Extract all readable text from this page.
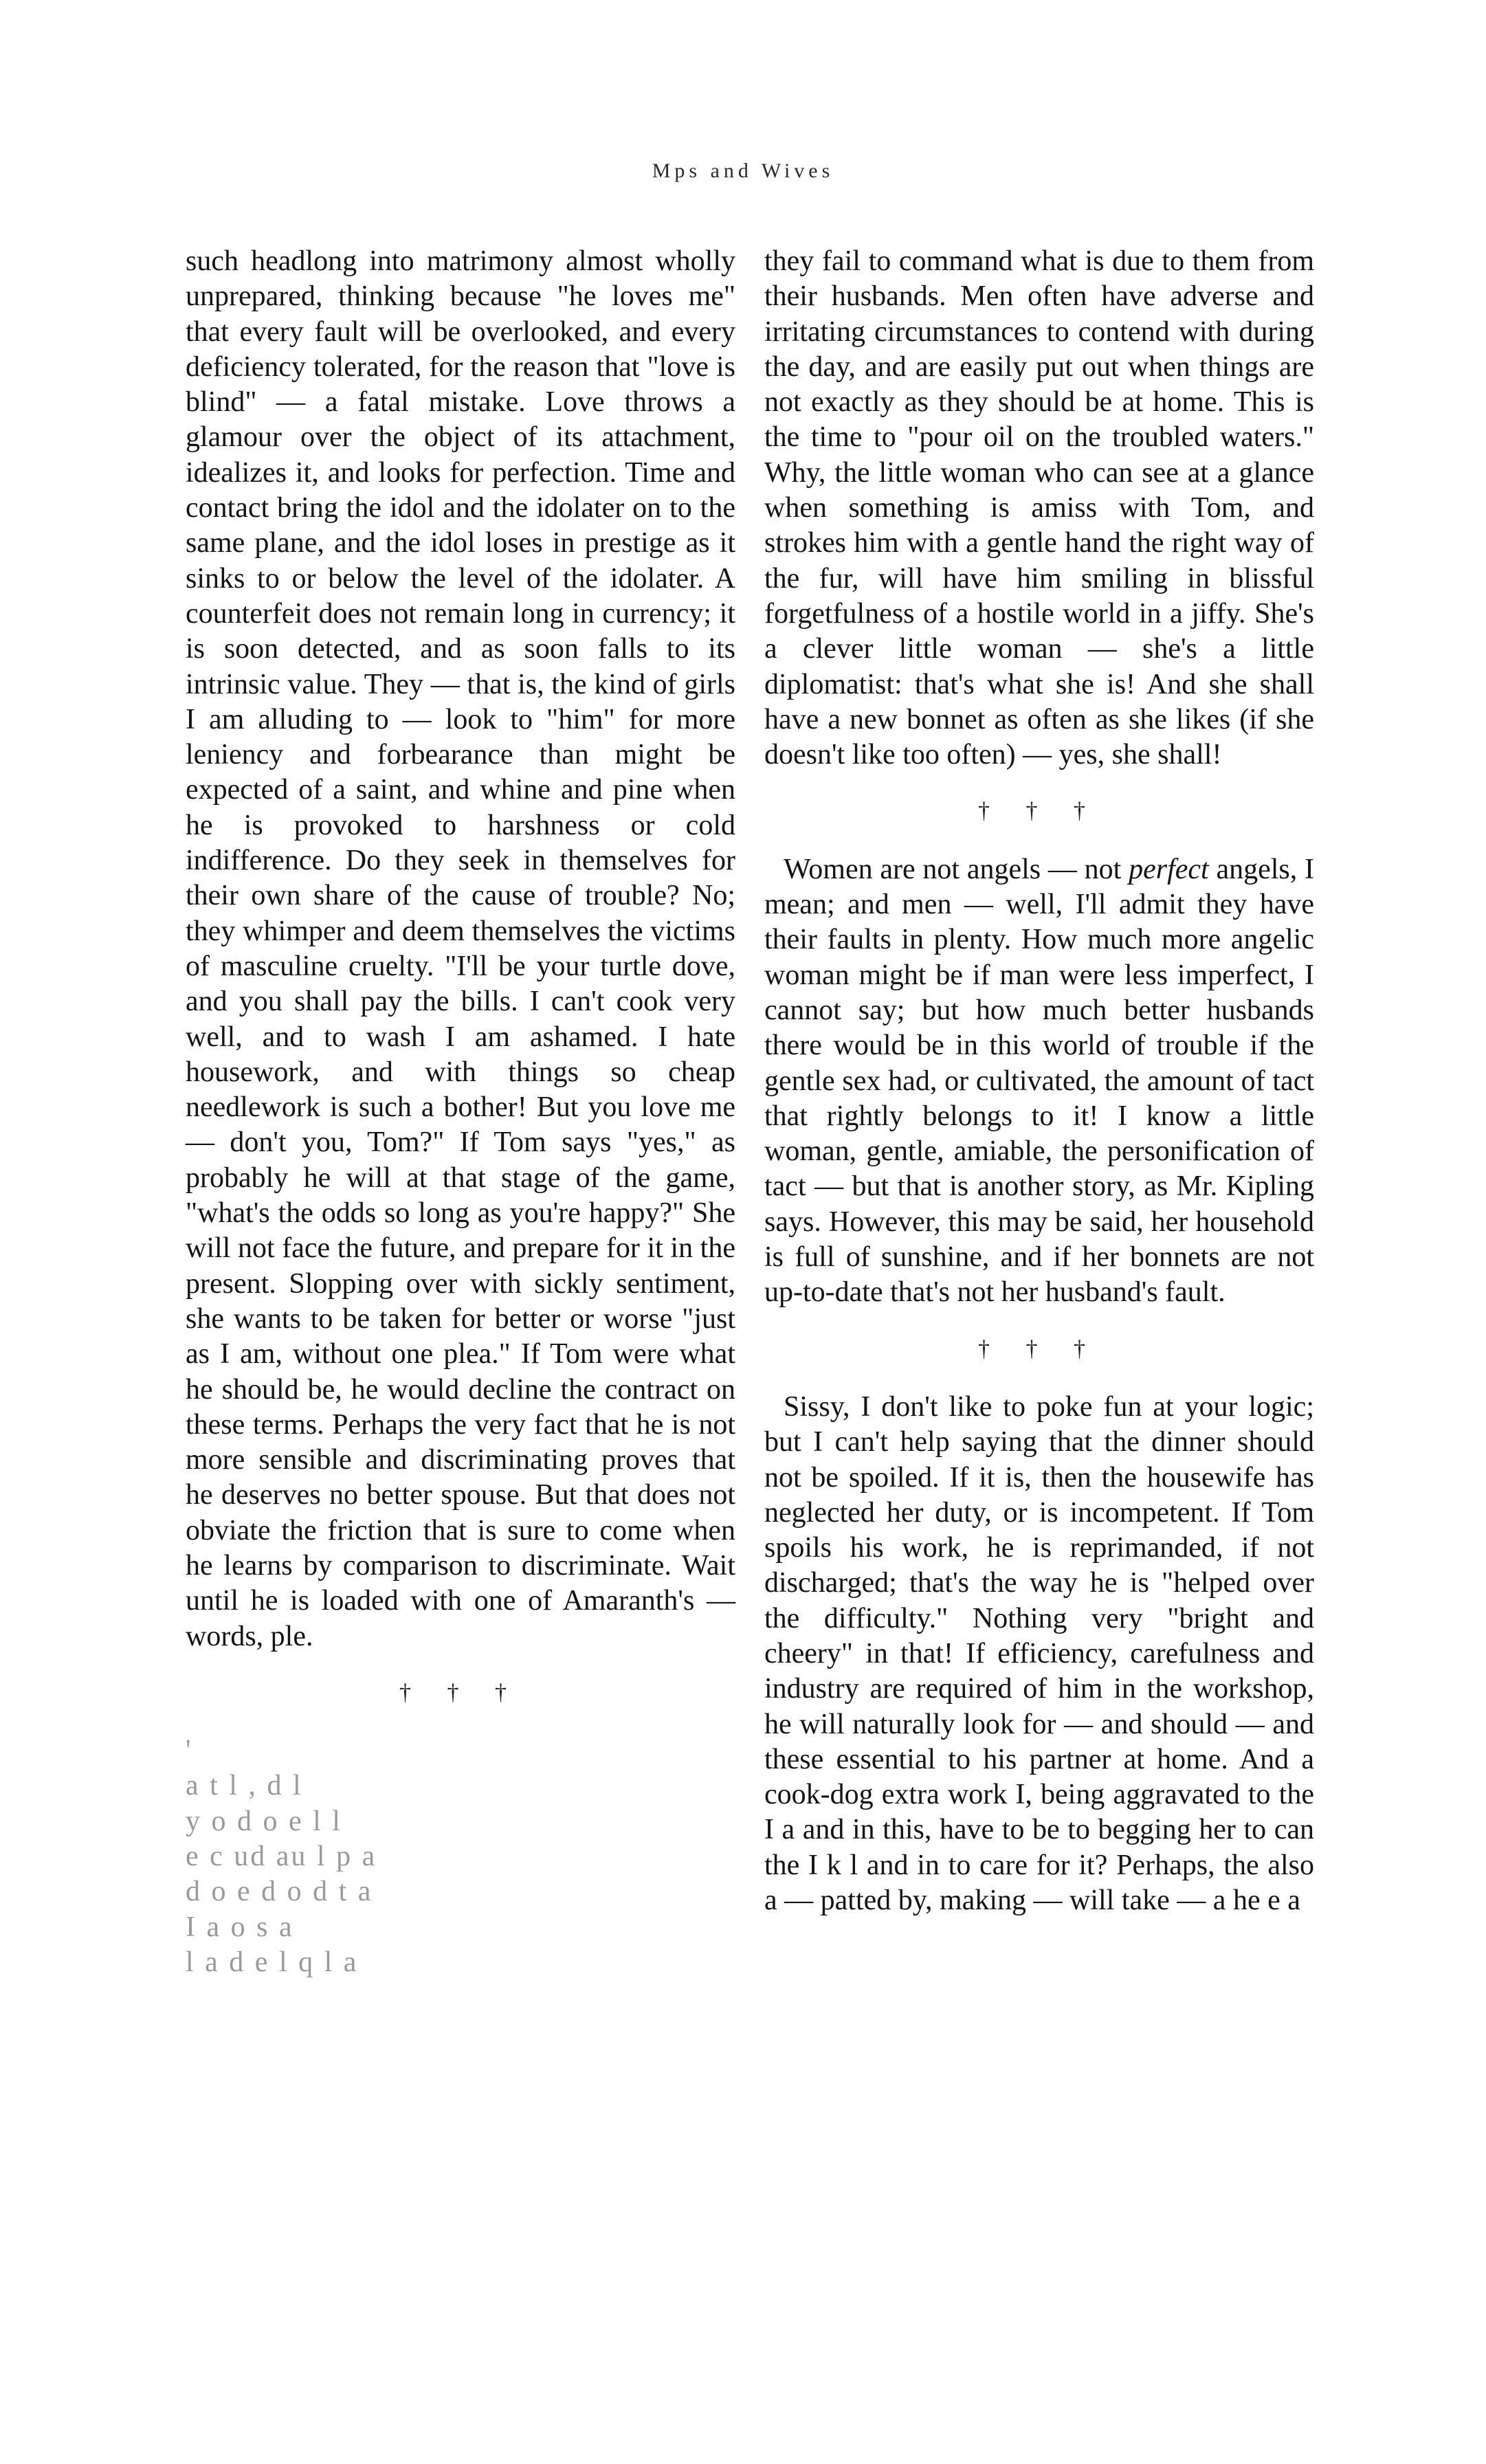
Mps and Wives

such headlong into matrimony almost wholly unprepared, thinking because "he loves me" that every fault will be overlooked, and every deficiency tolerated, for the reason that "love is blind" — a fatal mistake. Love throws a glamour over the object of its attachment, idealizes it, and looks for perfection. Time and contact bring the idol and the idolater on to the same plane, and the idol loses in prestige as it sinks to or below the level of the idolater. A counterfeit does not remain long in currency; it is soon detected, and as soon falls to its intrinsic value. They — that is, the kind of girls I am alluding to — look to "him" for more leniency and forbearance than might be expected of a saint, and whine and pine when he is provoked to harshness or cold indifference. Do they seek in themselves for their own share of the cause of trouble? No; they whimper and deem themselves the victims of masculine cruelty. "I'll be your turtle dove, and you shall pay the bills. I can't cook very well, and to wash I am ashamed. I hate housework, and with things so cheap needlework is such a bother! But you love me — don't you, Tom?" If Tom says "yes," as probably he will at that stage of the game, "what's the odds so long as you're happy?" She will not face the future, and prepare for it in the present. Slopping over with sickly sentiment, she wants to be taken for better or worse "just as I am, without one plea." If Tom were what he should be, he would decline the contract on these terms. Perhaps the very fact that he is not more sensible and discriminating proves that he deserves no better spouse. But that does not obviate the friction that is sure to come when he learns by comparison to discriminate. Wait until he is loaded with one of Amaranth's — words, ple.

† † †
'
a t l , d l
y o d o e l l
e c ud au l p a
d o e d o d t a
I a o s a
l a d e l q l a

they fail to command what is due to them from their husbands. Men often have adverse and irritating circumstances to contend with during the day, and are easily put out when things are not exactly as they should be at home. This is the time to "pour oil on the troubled waters." Why, the little woman who can see at a glance when something is amiss with Tom, and strokes him with a gentle hand the right way of the fur, will have him smiling in blissful forgetfulness of a hostile world in a jiffy. She's a clever little woman — she's a little diplomatist: that's what she is! And she shall have a new bonnet as often as she likes (if she doesn't like too often) — yes, she shall!

† † †

Women are not angels — not perfect angels, I mean; and men — well, I'll admit they have their faults in plenty. How much more angelic woman might be if man were less imperfect, I cannot say; but how much better husbands there would be in this world of trouble if the gentle sex had, or cultivated, the amount of tact that rightly belongs to it! I know a little woman, gentle, amiable, the personification of tact — but that is another story, as Mr. Kipling says. However, this may be said, her household is full of sunshine, and if her bonnets are not up-to-date that's not her husband's fault.

† † †

Sissy, I don't like to poke fun at your logic; but I can't help saying that the dinner should not be spoiled. If it is, then the housewife has neglected her duty, or is incompetent. If Tom spoils his work, he is reprimanded, if not discharged; that's the way he is "helped over the difficulty." Nothing very "bright and cheery" in that! If efficiency, carefulness and industry are required of him in the workshop, he will naturally look for — and should — and these essential to his partner at home. And a cook-dog extra work I, being aggravated to the I a and in this, have to be to begging her to can the I k l and in to care for it? Perhaps, the also a — patted by, making — will take — a he e a
